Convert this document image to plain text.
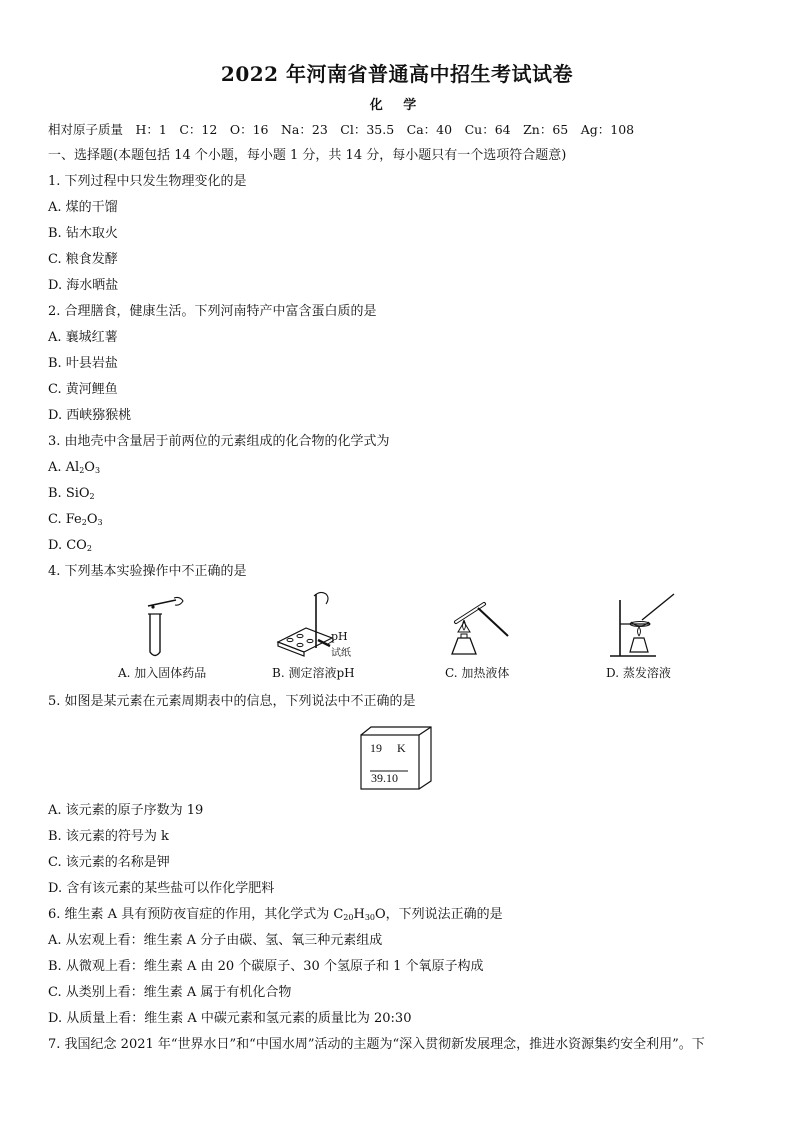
2022 年河南省普通高中招生考试试卷
化 学
相对原子质量　H：1　C：12　O：16　Na：23　Cl：35.5　Ca：40　Cu：64　Zn：65　Ag：108
一、选择题(本题包括 14 个小题，每小题 1 分，共 14 分，每小题只有一个选项符合题意)
1. 下列过程中只发生物理变化的是
A. 煤的干馏
B. 钻木取火
C. 粮食发酵
D. 海水晒盐
2. 合理膳食，健康生活。下列河南特产中富含蛋白质的是
A. 襄城红薯
B. 叶县岩盐
C. 黄河鲤鱼
D. 西峡猕猴桃
3. 由地壳中含量居于前两位的元素组成的化合物的化学式为
A. $Al_2O_3$
B. SiO$_2$
C. $Fe_2O_3$
D. $CO_2$
4. 下列基本实验操作中不正确的是
A. 加入固体药品
pH
试纸
B. 测定溶液pH	C. 加热液体	D. 蒸发溶液
5. 如图是某元素在元素周期表中的信息，下列说法中不正确的是
19 K
39.10
A. 该元素的原子序数为 19
B. 该元素的符号为 k
C. 该元素的名称是钾
D. 含有该元素的某些盐可以作化学肥料
6. 维生素 A 具有预防夜盲症的作用，其化学式为 $C_{20}H_{30}O$，下列说法正确的是
A. 从宏观上看：维生素 A 分子由碳、氢、氧三种元素组成
B. 从微观上看：维生素 A 由 20 个碳原子、30 个氢原子和 1 个氧原子构成
C. 从类别上看：维生素 A 属于有机化合物
D. 从质量上看：维生素 A 中碳元素和氢元素的质量比为 20:30
7. 我国纪念 2021 年“世界水日”和“中国水周”活动的主题为“深入贯彻新发展理念，推进水资源集约安全利用”。下
